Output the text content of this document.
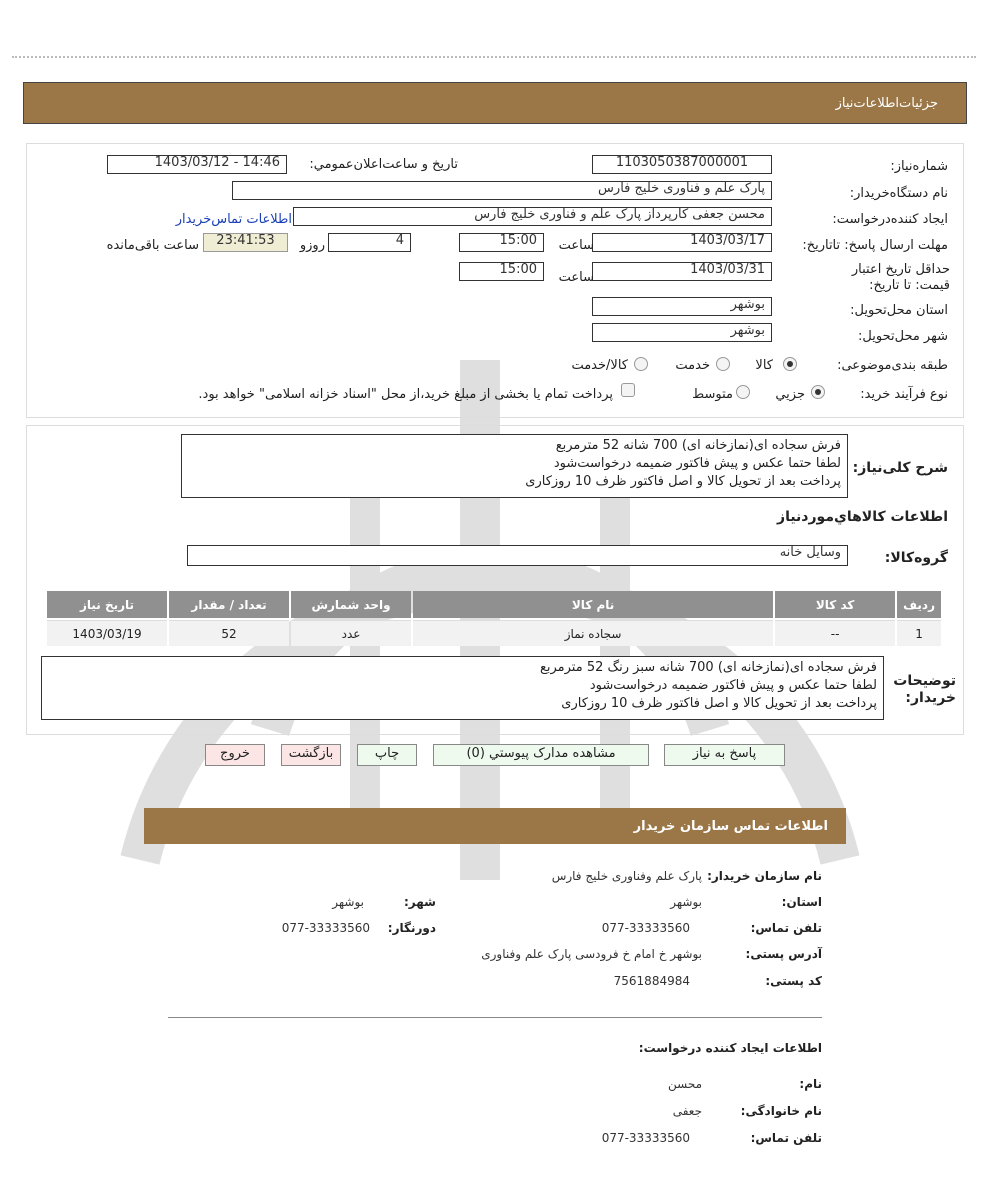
جزئیات‌اطلاعات‌نیاز
شماره‌نیاز:
1103050387000001
تاریخ و ساعت‌اعلان‌عمومي:
1403/03/12 - 14:46
نام دستگاه‌خریدار:
پارک علم و فناوری خلیج فارس
ایجاد کننده‌درخواست:
محسن جعفی کارپرداز پارک علم و فناوری خلیج فارس
اطلاعات تماس‌خریدار
مهلت ارسال پاسخ: تاتاریخ:
1403/03/17
ساعت
15:00
4
روزو
23:41:53
ساعت باقی‌مانده
حداقل تاریخ اعتبار قیمت: تا تاریخ:
1403/03/31
ساعت
15:00
استان محل‌تحویل:
بوشهر
شهر محل‌تحویل:
بوشهر
طبقه بندی‌موضوعی:
کالا
خدمت
کالا/خدمت
نوع فرآیند خرید:
جزیي
متوسط
پرداخت تمام یا بخشی از مبلغ خرید،از محل "اسناد خزانه اسلامی" خواهد بود.
شرح کلی‌نیاز:
فرش سجاده ای(نمازخانه ای) 700 شانه 52 مترمربع
لطفا حتما عکس و پیش فاکتور ضمیمه درخواست‌شود
پرداخت بعد از تحویل کالا و اصل فاکتور ظرف 10 روزکاری
اطلاعات کالاهاي‌موردنیاز
گروه‌کالا:
وسایل خانه
ردیف	کد کالا	نام کالا	واحد شمارش	تعداد / مقدار	تاریخ نیاز
1	--	سجاده نماز	عدد	52	1403/03/19
توضیحات خریدار:
فرش سجاده ای(نمازخانه ای) 700 شانه سبز رنگ 52 مترمربع
لطفا حتما عکس و پیش فاکتور ضمیمه درخواست‌شود
پرداخت بعد از تحویل کالا و اصل فاکتور ظرف 10 روزکاری
پاسخ به نیاز
مشاهده مدارک پیوستي (0)
چاپ
بازگشت
خروج
اطلاعات تماس سازمان خریدار
نام سازمان خریدار:
پارک علم وفناوری خلیج فارس
استان:
بوشهر
شهر:
بوشهر
تلفن تماس:
077-33333560
دورنگار:
077-33333560
آدرس پستی:
بوشهر خ امام خ فرودسی پارک علم وفناوری
کد پستی:
7561884984
اطلاعات ایجاد کننده درخواست:
نام:
محسن
نام خانوادگی:
جعفی
تلفن تماس:
077-33333560
